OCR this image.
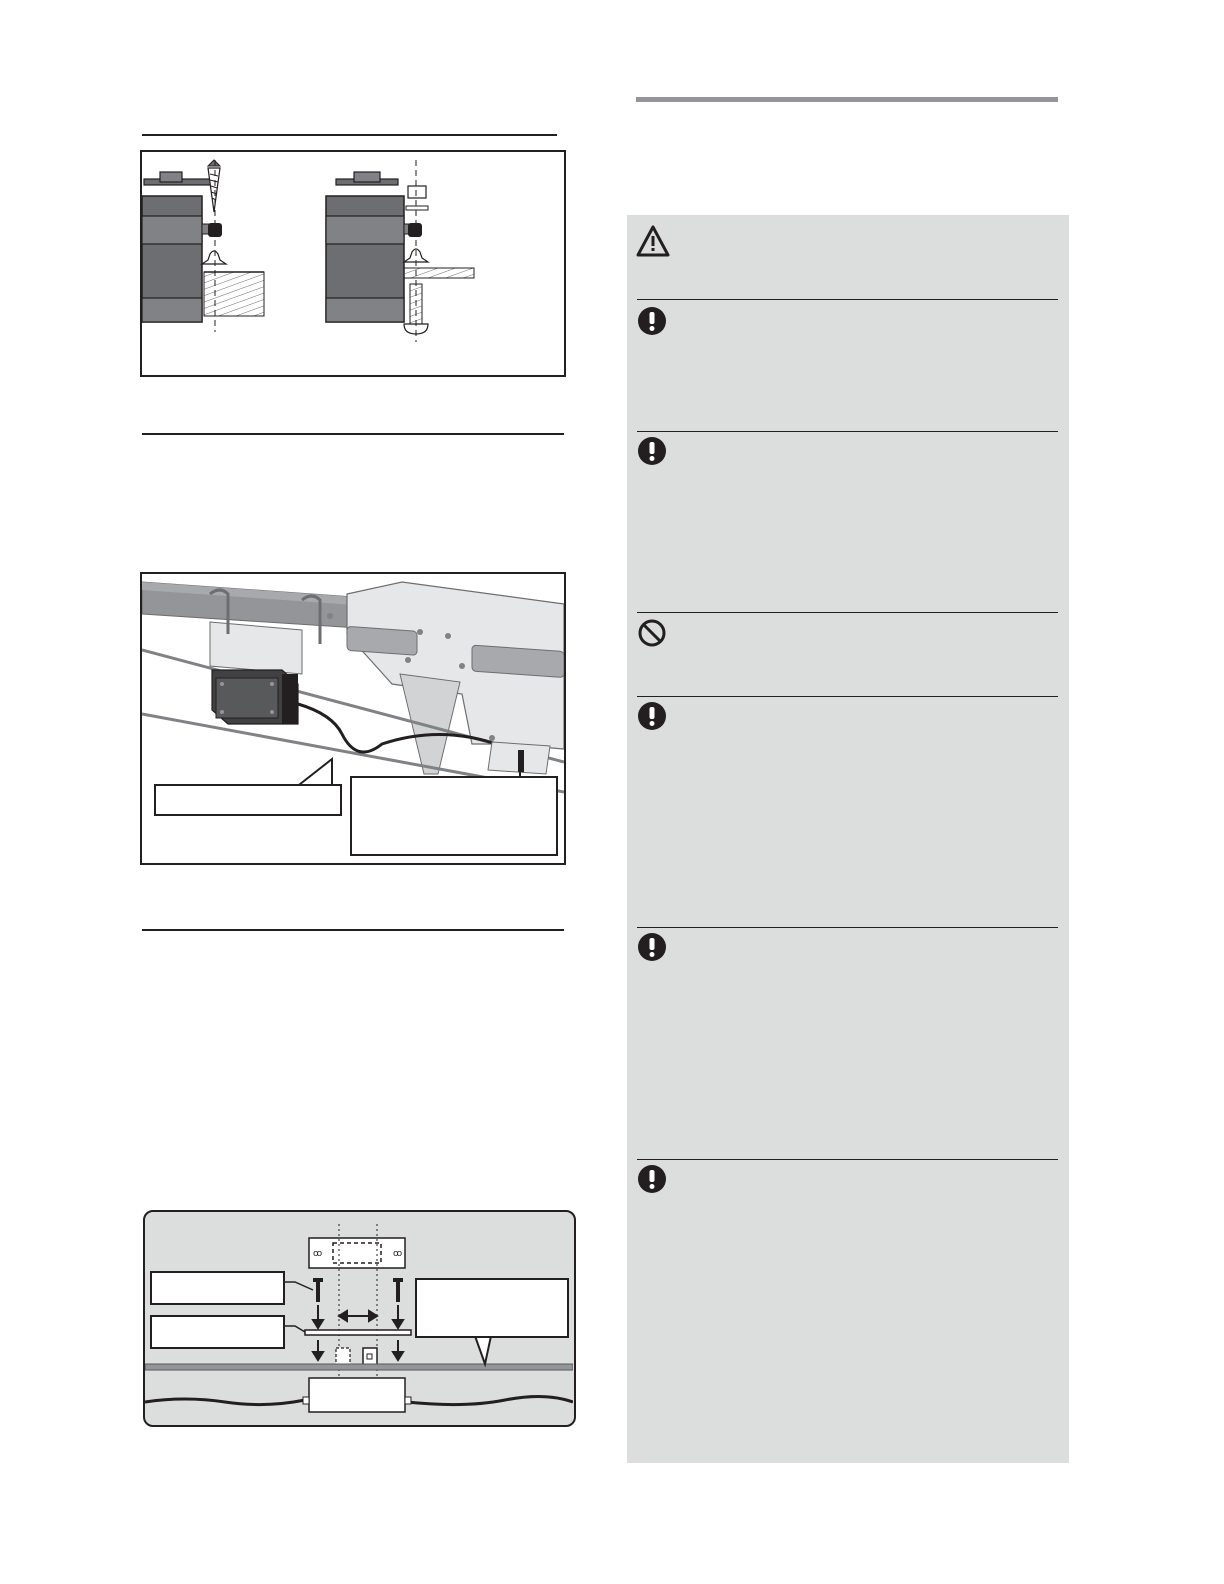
ꝏ	ꝏ
